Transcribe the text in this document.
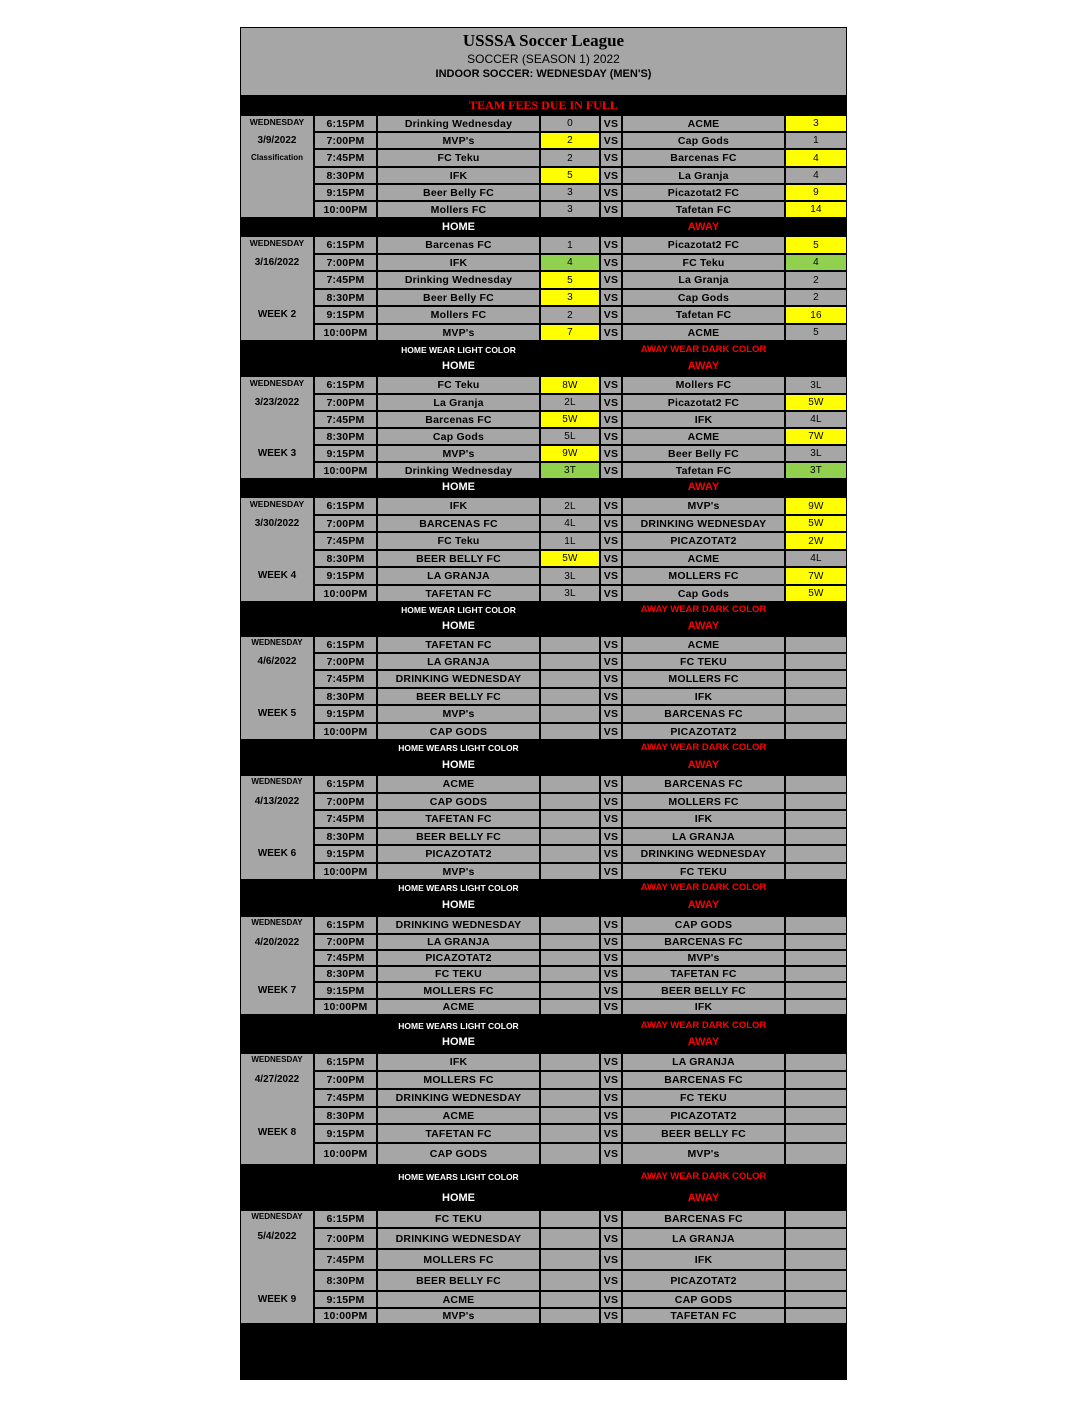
USSSA Soccer League
SOCCER (SEASON 1) 2022
INDOOR SOCCER: WEDNESDAY (MEN'S)
TEAM FEES DUE IN FULL
WEDNESDAY
3/9/2022
Classification
6:15PM	Drinking Wednesday	0	VS	ACME	3
7:00PM	MVP's	2	VS	Cap Gods	1
7:45PM	FC Teku	2	VS	Barcenas FC	4
8:30PM	IFK	5	VS	La Granja	4
9:15PM	Beer Belly FC	3	VS	Picazotat2 FC	9
10:00PM	Mollers FC	3	VS	Tafetan FC	14
HOME	AWAY
WEDNESDAY
3/16/2022
WEEK 2
6:15PM	Barcenas FC	1	VS	Picazotat2 FC	5
7:00PM	IFK	4	VS	FC Teku	4
7:45PM	Drinking Wednesday	5	VS	La Granja	2
8:30PM	Beer Belly FC	3	VS	Cap Gods	2
9:15PM	Mollers FC	2	VS	Tafetan FC	16
10:00PM	MVP's	7	VS	ACME	5
HOME WEAR LIGHT COLOR	AWAY WEAR DARK COLOR
HOME	AWAY
WEDNESDAY
3/23/2022
WEEK 3
6:15PM	FC Teku	8W	VS	Mollers FC	3L
7:00PM	La Granja	2L	VS	Picazotat2 FC	5W
7:45PM	Barcenas FC	5W	VS	IFK	4L
8:30PM	Cap Gods	5L	VS	ACME	7W
9:15PM	MVP's	9W	VS	Beer Belly FC	3L
10:00PM	Drinking Wednesday	3T	VS	Tafetan FC	3T
HOME	AWAY
WEDNESDAY
3/30/2022
WEEK 4
6:15PM	IFK	2L	VS	MVP's	9W
7:00PM	BARCENAS FC	4L	VS	DRINKING WEDNESDAY	5W
7:45PM	FC Teku	1L	VS	PICAZOTAT2	2W
8:30PM	BEER BELLY FC	5W	VS	ACME	4L
9:15PM	LA GRANJA	3L	VS	MOLLERS FC	7W
10:00PM	TAFETAN FC	3L	VS	Cap Gods	5W
HOME WEAR LIGHT COLOR	AWAY WEAR DARK COLOR
HOME	AWAY
WEDNESDAY
4/6/2022
WEEK 5
6:15PM	TAFETAN FC	VS	ACME
7:00PM	LA GRANJA	VS	FC TEKU
7:45PM	DRINKING WEDNESDAY	VS	MOLLERS FC
8:30PM	BEER BELLY FC	VS	IFK
9:15PM	MVP's	VS	BARCENAS FC
10:00PM	CAP GODS	VS	PICAZOTAT2
HOME WEARS LIGHT COLOR	AWAY WEAR DARK COLOR
HOME	AWAY
WEDNESDAY
4/13/2022
WEEK 6
6:15PM	ACME	VS	BARCENAS FC
7:00PM	CAP GODS	VS	MOLLERS FC
7:45PM	TAFETAN FC	VS	IFK
8:30PM	BEER BELLY FC	VS	LA GRANJA
9:15PM	PICAZOTAT2	VS	DRINKING WEDNESDAY
10:00PM	MVP's	VS	FC TEKU
HOME WEARS LIGHT COLOR	AWAY WEAR DARK COLOR
HOME	AWAY
WEDNESDAY
4/20/2022
WEEK 7
6:15PM	DRINKING WEDNESDAY	VS	CAP GODS
7:00PM	LA GRANJA	VS	BARCENAS FC
7:45PM	PICAZOTAT2	VS	MVP's
8:30PM	FC TEKU	VS	TAFETAN FC
9:15PM	MOLLERS FC	VS	BEER BELLY FC
10:00PM	ACME	VS	IFK
HOME WEARS LIGHT COLOR	AWAY WEAR DARK COLOR
HOME	AWAY
WEDNESDAY
4/27/2022
WEEK 8
6:15PM	IFK	VS	LA GRANJA
7:00PM	MOLLERS FC	VS	BARCENAS FC
7:45PM	DRINKING WEDNESDAY	VS	FC TEKU
8:30PM	ACME	VS	PICAZOTAT2
9:15PM	TAFETAN FC	VS	BEER BELLY FC
10:00PM	CAP GODS	VS	MVP's
HOME WEARS LIGHT COLOR	AWAY WEAR DARK COLOR
HOME	AWAY
WEDNESDAY
5/4/2022
WEEK 9
6:15PM	FC TEKU	VS	BARCENAS FC
7:00PM	DRINKING WEDNESDAY	VS	LA GRANJA
7:45PM	MOLLERS FC	VS	IFK
8:30PM	BEER BELLY FC	VS	PICAZOTAT2
9:15PM	ACME	VS	CAP GODS
10:00PM	MVP's	VS	TAFETAN FC
